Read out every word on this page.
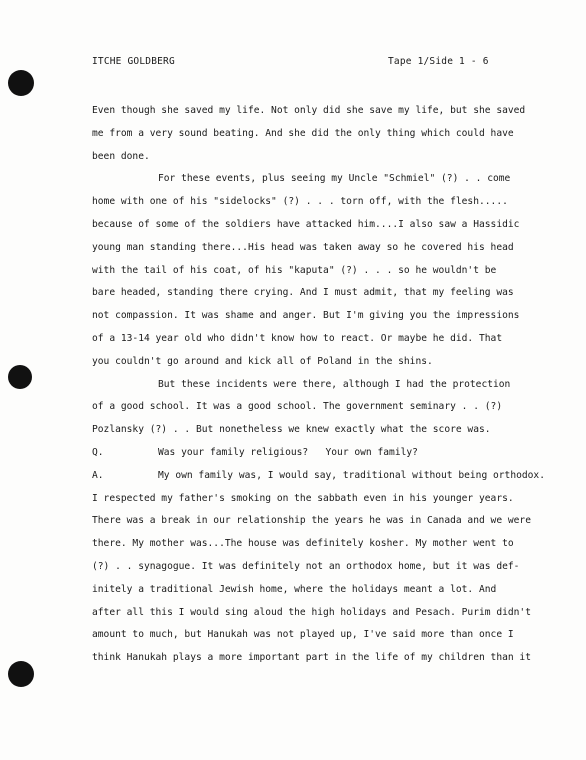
ITCHE GOLDBERG	Tape 1/Side 1 - 6
Even though she saved my life. Not only did she save my life, but she saved
me from a very sound beating. And she did the only thing which could have
been done.
For these events, plus seeing my Uncle "Schmiel" (?) . . come
home with one of his "sidelocks" (?) . . . torn off, with the flesh.....
because of some of the soldiers have attacked him....I also saw a Hassidic
young man standing there...His head was taken away so he covered his head
with the tail of his coat, of his "kaputa" (?) . . . so he wouldn't be
bare headed, standing there crying. And I must admit, that my feeling was
not compassion. It was shame and anger. But I'm giving you the impressions
of a 13-14 year old who didn't know how to react. Or maybe he did. That
you couldn't go around and kick all of Poland in the shins.
But these incidents were there, although I had the protection
of a good school. It was a good school. The government seminary . . (?)
Pozlansky (?) . . But nonetheless we knew exactly what the score was.

Q.

	Was your family religious?   Your own family?

A.

	My own family was, I would say, traditional without being orthodox.

I respected my father's smoking on the sabbath even in his younger years.
There was a break in our relationship the years he was in Canada and we were
there. My mother was...The house was definitely kosher. My mother went to
(?) . . synagogue. It was definitely not an orthodox home, but it was def-
initely a traditional Jewish home, where the holidays meant a lot. And
after all this I would sing aloud the high holidays and Pesach. Purim didn't
amount to much, but Hanukah was not played up, I've said more than once I
think Hanukah plays a more important part in the life of my children than it
